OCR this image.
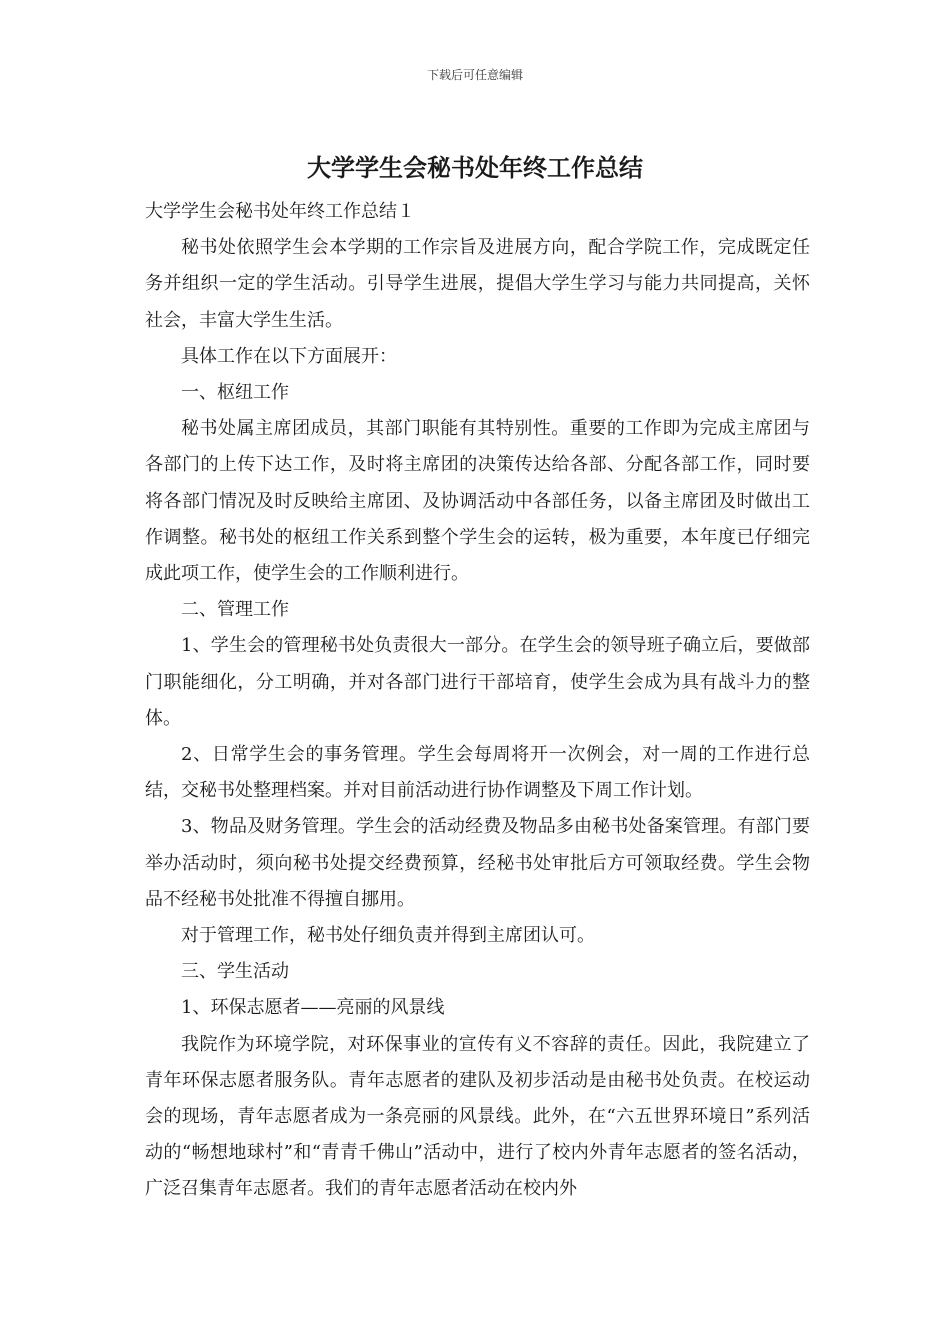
下载后可任意编辑
大学学生会秘书处年终工作总结

大学学生会秘书处年终工作总结１

秘书处依照学生会本学期的工作宗旨及进展方向，配合学院工作，完成既定任务并组织一定的学生活动。引导学生进展，提倡大学生学习与能力共同提高，关怀社会，丰富大学生生活。

具体工作在以下方面展开：

一、枢纽工作

秘书处属主席团成员，其部门职能有其特别性。重要的工作即为完成主席团与各部门的上传下达工作，及时将主席团的决策传达给各部、分配各部工作，同时要将各部门情况及时反映给主席团、及协调活动中各部任务，以备主席团及时做出工作调整。秘书处的枢纽工作关系到整个学生会的运转，极为重要，本年度已仔细完成此项工作，使学生会的工作顺利进行。

二、管理工作

1、学生会的管理秘书处负责很大一部分。在学生会的领导班子确立后，要做部门职能细化，分工明确，并对各部门进行干部培育，使学生会成为具有战斗力的整体。

2、日常学生会的事务管理。学生会每周将开一次例会，对一周的工作进行总结，交秘书处整理档案。并对目前活动进行协作调整及下周工作计划。

3、物品及财务管理。学生会的活动经费及物品多由秘书处备案管理。有部门要举办活动时，须向秘书处提交经费预算，经秘书处审批后方可领取经费。学生会物品不经秘书处批准不得擅自挪用。

对于管理工作，秘书处仔细负责并得到主席团认可。

三、学生活动

1、环保志愿者——亮丽的风景线

我院作为环境学院，对环保事业的宣传有义不容辞的责任。因此，我院建立了青年环保志愿者服务队。青年志愿者的建队及初步活动是由秘书处负责。在校运动会的现场，青年志愿者成为一条亮丽的风景线。此外，在“六五世界环境日”系列活动的“畅想地球村”和“青青千佛山”活动中，进行了校内外青年志愿者的签名活动，广泛召集青年志愿者。我们的青年志愿者活动在校内外
